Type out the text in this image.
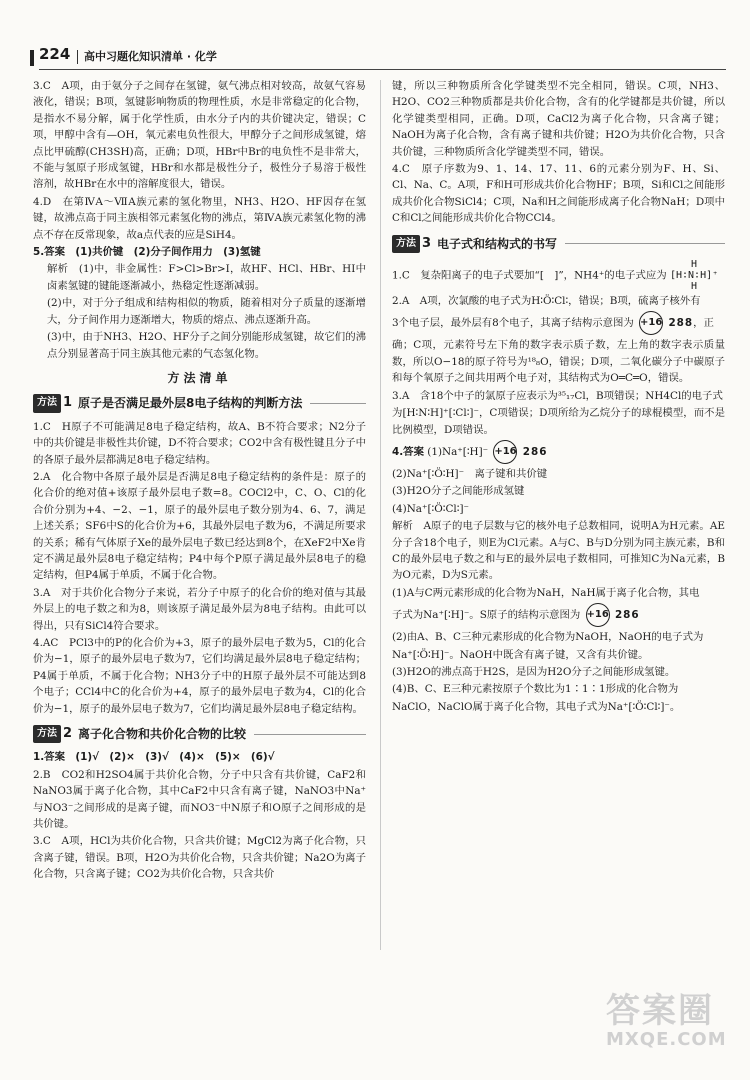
224 高中习题化知识清单 · 化学

3.C　A项，由于氨分子之间存在氢键，氨气沸点相对较高，故氨气容易液化，错误；B项，氢键影响物质的物理性质，水是非常稳定的化合物，是指水不易分解，属于化学性质，由水分子内的共价键决定，错误；C项，甲醇中含有—OH，氧元素电负性很大，甲醇分子之间形成氢键，熔点比甲硫醇(CH3SH)高，正确；D项，HBr中Br的电负性不是非常大，不能与氢原子形成氢键，HBr和水都是极性分子，极性分子易溶于极性溶剂，故HBr在水中的溶解度很大，错误。

4.D　在第ⅣA～ⅦA族元素的氢化物里，NH3、H2O、HF因存在氢键，故沸点高于同主族相邻元素氢化物的沸点，第ⅣA族元素氢化物的沸点不存在反常现象，故a点代表的应是SiH4。

5.答案　(1)共价键　(2)分子间作用力　(3)氢键

解析　(1)中，非金属性：F>Cl>Br>I，故HF、HCl、HBr、HI中卤素氢键的键能逐渐减小，热稳定性逐渐减弱。

(2)中，对于分子组成和结构相似的物质，随着相对分子质量的逐渐增大，分子间作用力逐渐增大，物质的熔点、沸点逐渐升高。

(3)中，由于NH3、H2O、HF分子之间分别能形成氢键，故它们的沸点分别显著高于同主族其他元素的气态氢化物。

方法清单
方法 1 原子是否满足最外层8电子结构的判断方法

1.C　H原子不可能满足8电子稳定结构，故A、B不符合要求；N2分子中的共价键是非极性共价键，D不符合要求；CO2中含有极性键且分子中的各原子最外层都满足8电子稳定结构。

2.A　化合物中各原子最外层是否满足8电子稳定结构的条件是：原子的化合价的绝对值+该原子最外层电子数=8。COCl2中，C、O、Cl的化合价分别为+4、−2、−1，原子的最外层电子数分别为4、6、7，满足上述关系；SF6中S的化合价为+6，其最外层电子数为6，不满足所要求的关系；稀有气体原子Xe的最外层电子数已经达到8个，在XeF2中Xe肯定不满足最外层8电子稳定结构；P4中每个P原子满足最外层8电子的稳定结构，但P4属于单质，不属于化合物。

3.A　对于共价化合物分子来说，若分子中原子的化合价的绝对值与其最外层上的电子数之和为8，则该原子满足最外层为8电子结构。由此可以得出，只有SiCl4符合要求。

4.AC　PCl3中的P的化合价为+3，原子的最外层电子数为5，Cl的化合价为−1，原子的最外层电子数为7，它们均满足最外层8电子稳定结构；P4属于单质，不属于化合物；NH3分子中的H原子最外层不可能达到8个电子；CCl4中C的化合价为+4，原子的最外层电子数为4，Cl的化合价为−1，原子的最外层电子数为7，它们均满足最外层8电子稳定结构。

方法 2 离子化合物和共价化合物的比较

1.答案　(1)√　(2)×　(3)√　(4)×　(5)×　(6)√

2.B　CO2和H2SO4属于共价化合物，分子中只含有共价键，CaF2和NaNO3属于离子化合物，其中CaF2中只含有离子键，NaNO3中Na⁺与NO3⁻之间形成的是离子键，而NO3⁻中N原子和O原子之间形成的是共价键。

3.C　A项，HCl为共价化合物，只含共价键；MgCl2为离子化合物，只含离子键，错误。B项，H2O为共价化合物，只含共价键；Na2O为离子化合物，只含离子键；CO2为共价化合物，只含共价

键，所以三种物质所含化学键类型不完全相同，错误。C项，NH3、H2O、CO2三种物质都是共价化合物，含有的化学键都是共价键，所以化学键类型相同，正确。D项，CaCl2为离子化合物，只含离子键；NaOH为离子化合物，含有离子键和共价键；H2O为共价化合物，只含共价键，三种物质所含化学键类型不同，错误。

4.C　原子序数为9、1、14、17、11、6的元素分别为F、H、Si、Cl、Na、C。A项，F和H可形成共价化合物HF；B项，Si和Cl之间能形成共价化合物SiCl4；C项，Na和H之间能形成离子化合物NaH；D项中C和Cl之间能形成共价化合物CCl4。

方法 3 电子式和结构式的书写

1.C　复杂阳离子的电子式要加“[　]”，NH4⁺的电子式应为 H
[H∶N∶H]⁺
H

2.A　A项，次氯酸的电子式为H∶Ö∶Cl∶，错误；B项，硫离子核外有

3个电子层，最外层有8个电子，其离子结构示意图为 +16 288，正

确；C项，元素符号左下角的数字表示质子数，左上角的数字表示质量数，所以O−18的原子符号为¹⁸₈O，错误；D项，二氧化碳分子中碳原子和每个氧原子之间共用两个电子对，其结构式为O═C═O，错误。

3.A　含18个中子的氯原子应表示为³⁵₁₇Cl，B项错误；NH4Cl的电子式

为[H∶N∶H]⁺[∶Cl∶]⁻，C项错误；D项所给为乙烷分子的球棍模型，而不是比例模型，D项错误。

4.答案 (1)Na⁺[∶H]⁻ +16 286

(2)Na⁺[∶Ö∶H]⁻　离子键和共价键

(3)H2O分子之间能形成氢键

(4)Na⁺[∶Ö∶Cl∶]⁻

解析　A原子的电子层数与它的核外电子总数相同，说明A为H元素。AE分子含18个电子，则E为Cl元素。A与C、B与D分别为同主族元素，B和C的最外层电子数之和与E的最外层电子数相同，可推知C为Na元素，B为O元素，D为S元素。

(1)A与C两元素形成的化合物为NaH，NaH属于离子化合物，其电

子式为Na⁺[∶H]⁻。S原子的结构示意图为 +16 286

(2)由A、B、C三种元素形成的化合物为NaOH，NaOH的电子式为

Na⁺[∶Ö∶H]⁻。NaOH中既含有离子键，又含有共价键。

(3)H2O的沸点高于H2S，是因为H2O分子之间能形成氢键。

(4)B、C、E三种元素按原子个数比为1∶1∶1形成的化合物为

NaClO，NaClO属于离子化合物，其电子式为Na⁺[∶Ö∶Cl∶]⁻。

答案圈
MXQE.COM
